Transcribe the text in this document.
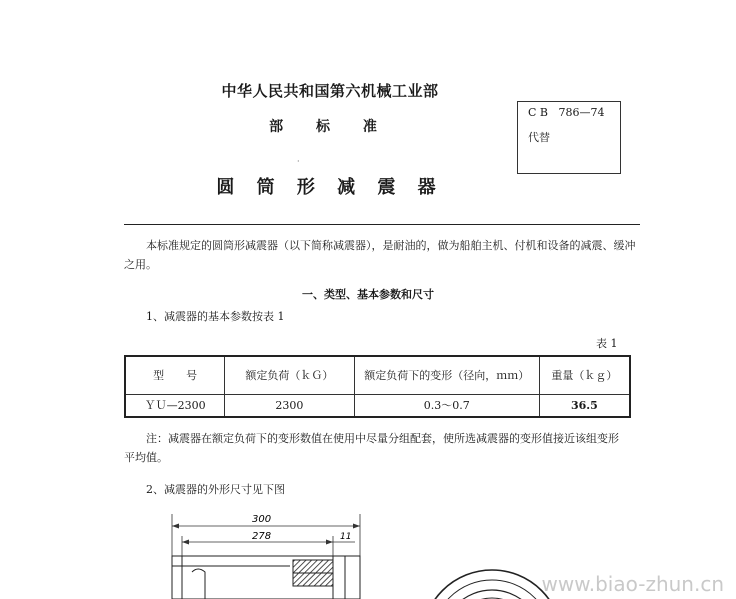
中华人民共和国第六机械工业部
部 标 准
·
圆 筒 形 减 震 器
C B   786—74
代替
本标准规定的圆筒形减震器（以下简称减震器），是耐油的，做为船舶主机、付机和设备的减震、缓冲之用。
一、类型、基本参数和尺寸
1、减震器的基本参数按表 1
表 1
型　　号	额定负荷（ｋＧ）	额定负荷下的变形（径向，ｍｍ）	重量（ｋｇ）
ＹＵ—2300	2300	0.3～0.7	36.5
注：减震器在额定负荷下的变形数值在使用中尽量分组配套，使所选减震器的变形值接近该组变形
平均值。
2、减震器的外形尺寸见下图
300
278	11
www.biao-zhun.cn
